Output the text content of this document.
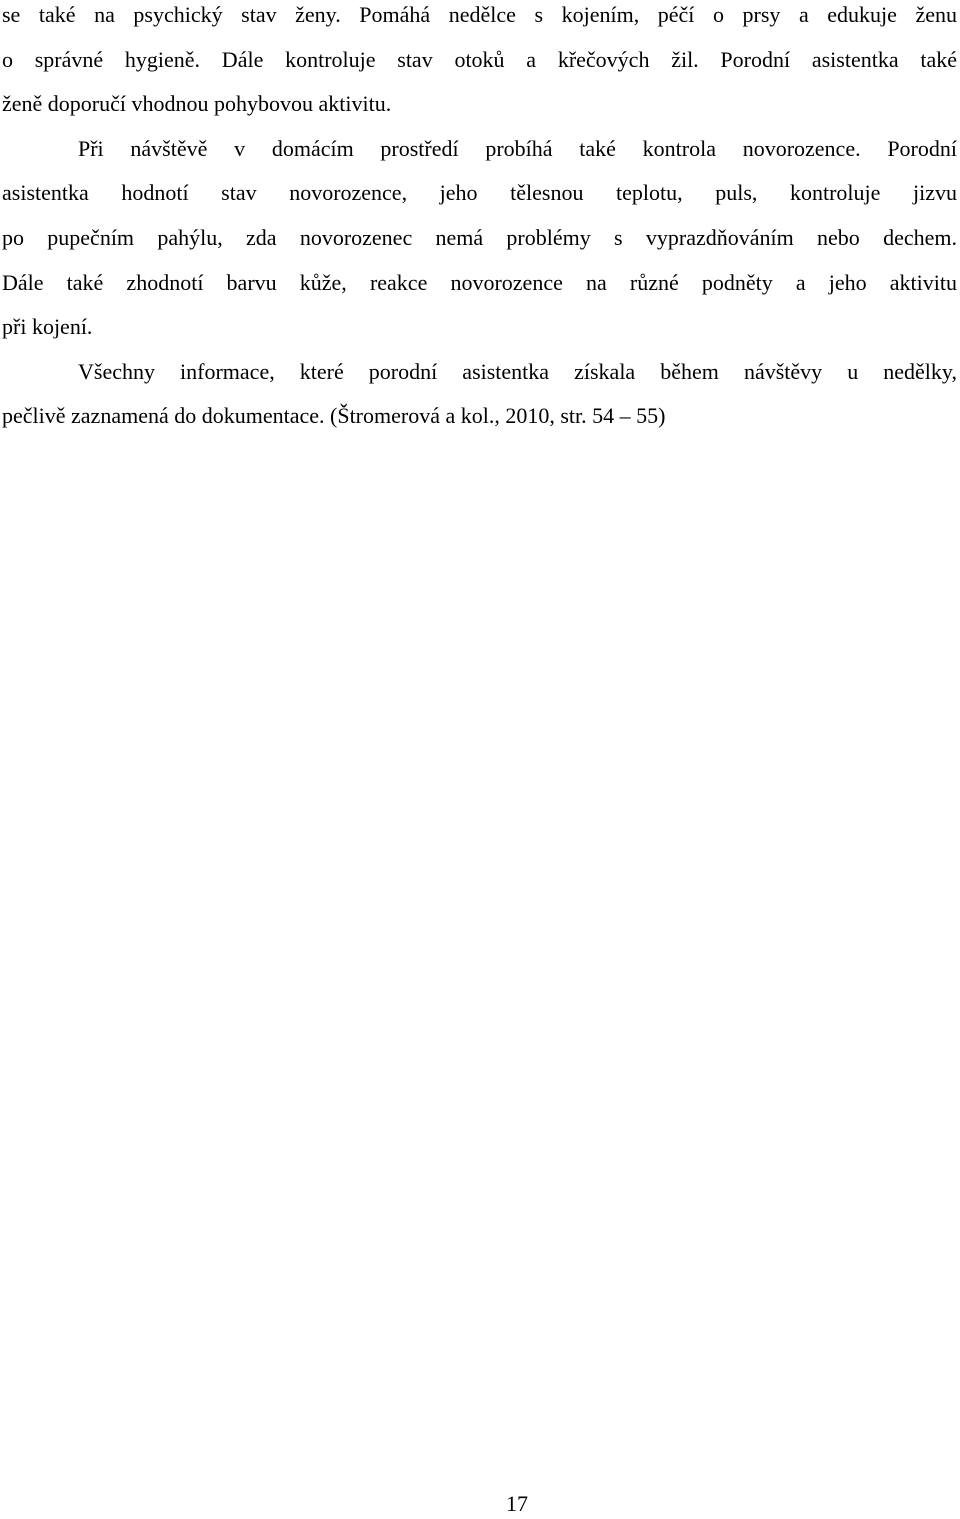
se také na psychický stav ženy. Pomáhá nedělce s kojením, péčí o prsy a edukuje ženu
o správné hygieně. Dále kontroluje stav otoků a křečových žil. Porodní asistentka také
ženě doporučí vhodnou pohybovou aktivitu.
Při návštěvě v domácím prostředí probíhá také kontrola novorozence. Porodní
asistentka hodnotí stav novorozence, jeho tělesnou teplotu, puls, kontroluje jizvu
po pupečním pahýlu, zda novorozenec nemá problémy s vyprazdňováním nebo dechem.
Dále také zhodnotí barvu kůže, reakce novorozence na různé podněty a jeho aktivitu
při kojení.
Všechny informace, které porodní asistentka získala během návštěvy u nedělky,
pečlivě zaznamená do dokumentace. (Štromerová a kol., 2010, str. 54 – 55)
17
